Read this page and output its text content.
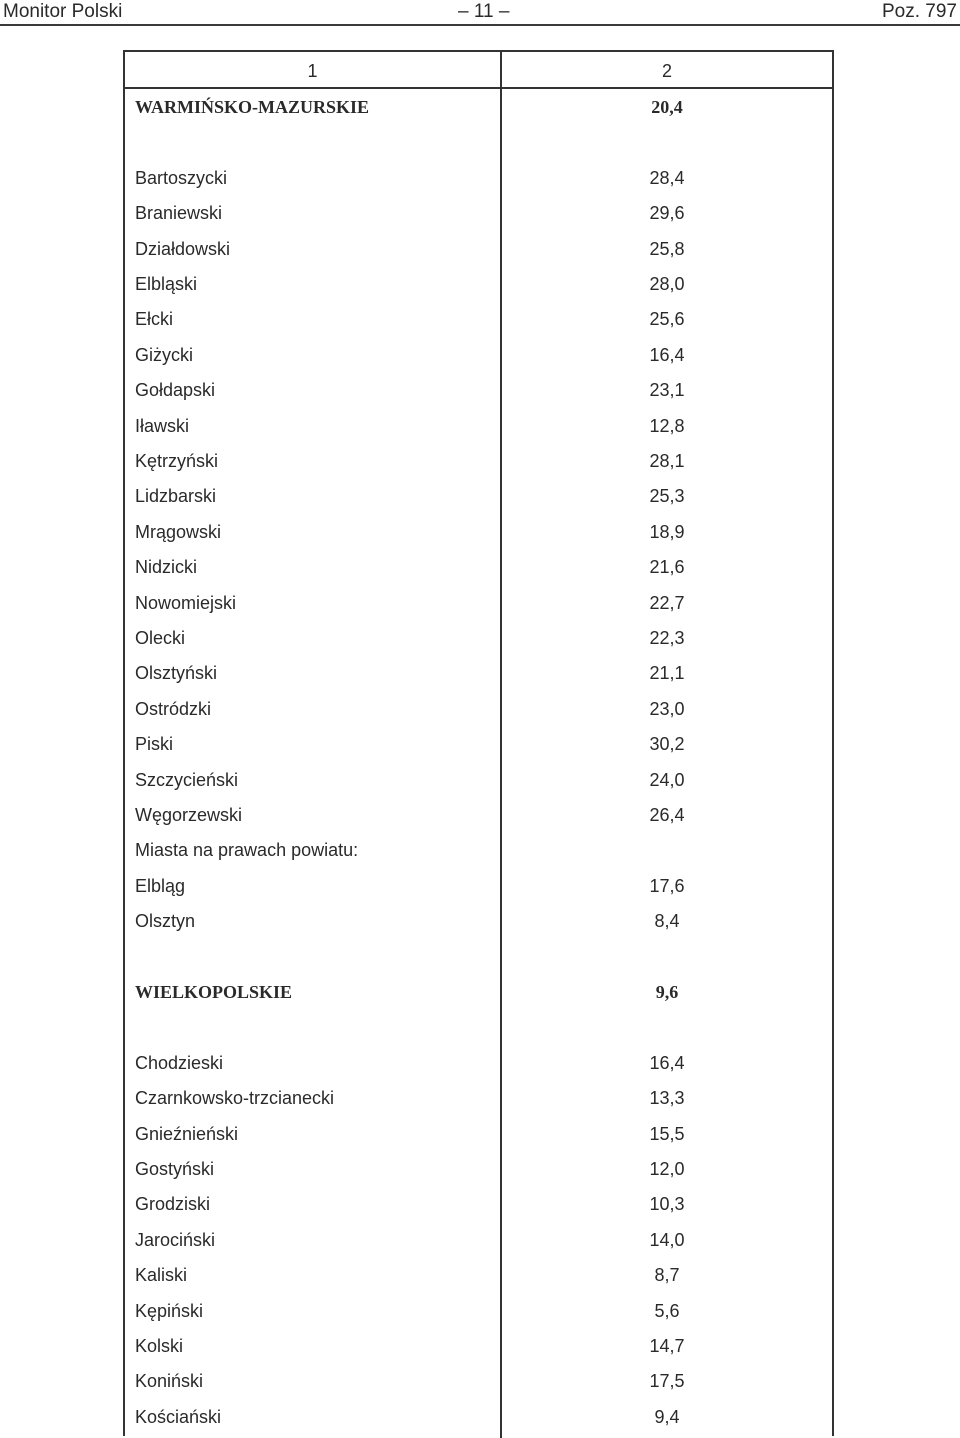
Monitor Polski	– 11 –	Poz. 797
1	2
WARMIŃSKO-MAZURSKIE	20,4
Bartoszycki	28,4
Braniewski	29,6
Działdowski	25,8
Elbląski	28,0
Ełcki	25,6
Giżycki	16,4
Gołdapski	23,1
Iławski	12,8
Kętrzyński	28,1
Lidzbarski	25,3
Mrągowski	18,9
Nidzicki	21,6
Nowomiejski	22,7
Olecki	22,3
Olsztyński	21,1
Ostródzki	23,0
Piski	30,2
Szczycieński	24,0
Węgorzewski	26,4
Miasta na prawach powiatu:
Elbląg	17,6
Olsztyn	8,4
WIELKOPOLSKIE	9,6
Chodzieski	16,4
Czarnkowsko-trzcianecki	13,3
Gnieźnieński	15,5
Gostyński	12,0
Grodziski	10,3
Jarociński	14,0
Kaliski	8,7
Kępiński	5,6
Kolski	14,7
Koniński	17,5
Kościański	9,4
